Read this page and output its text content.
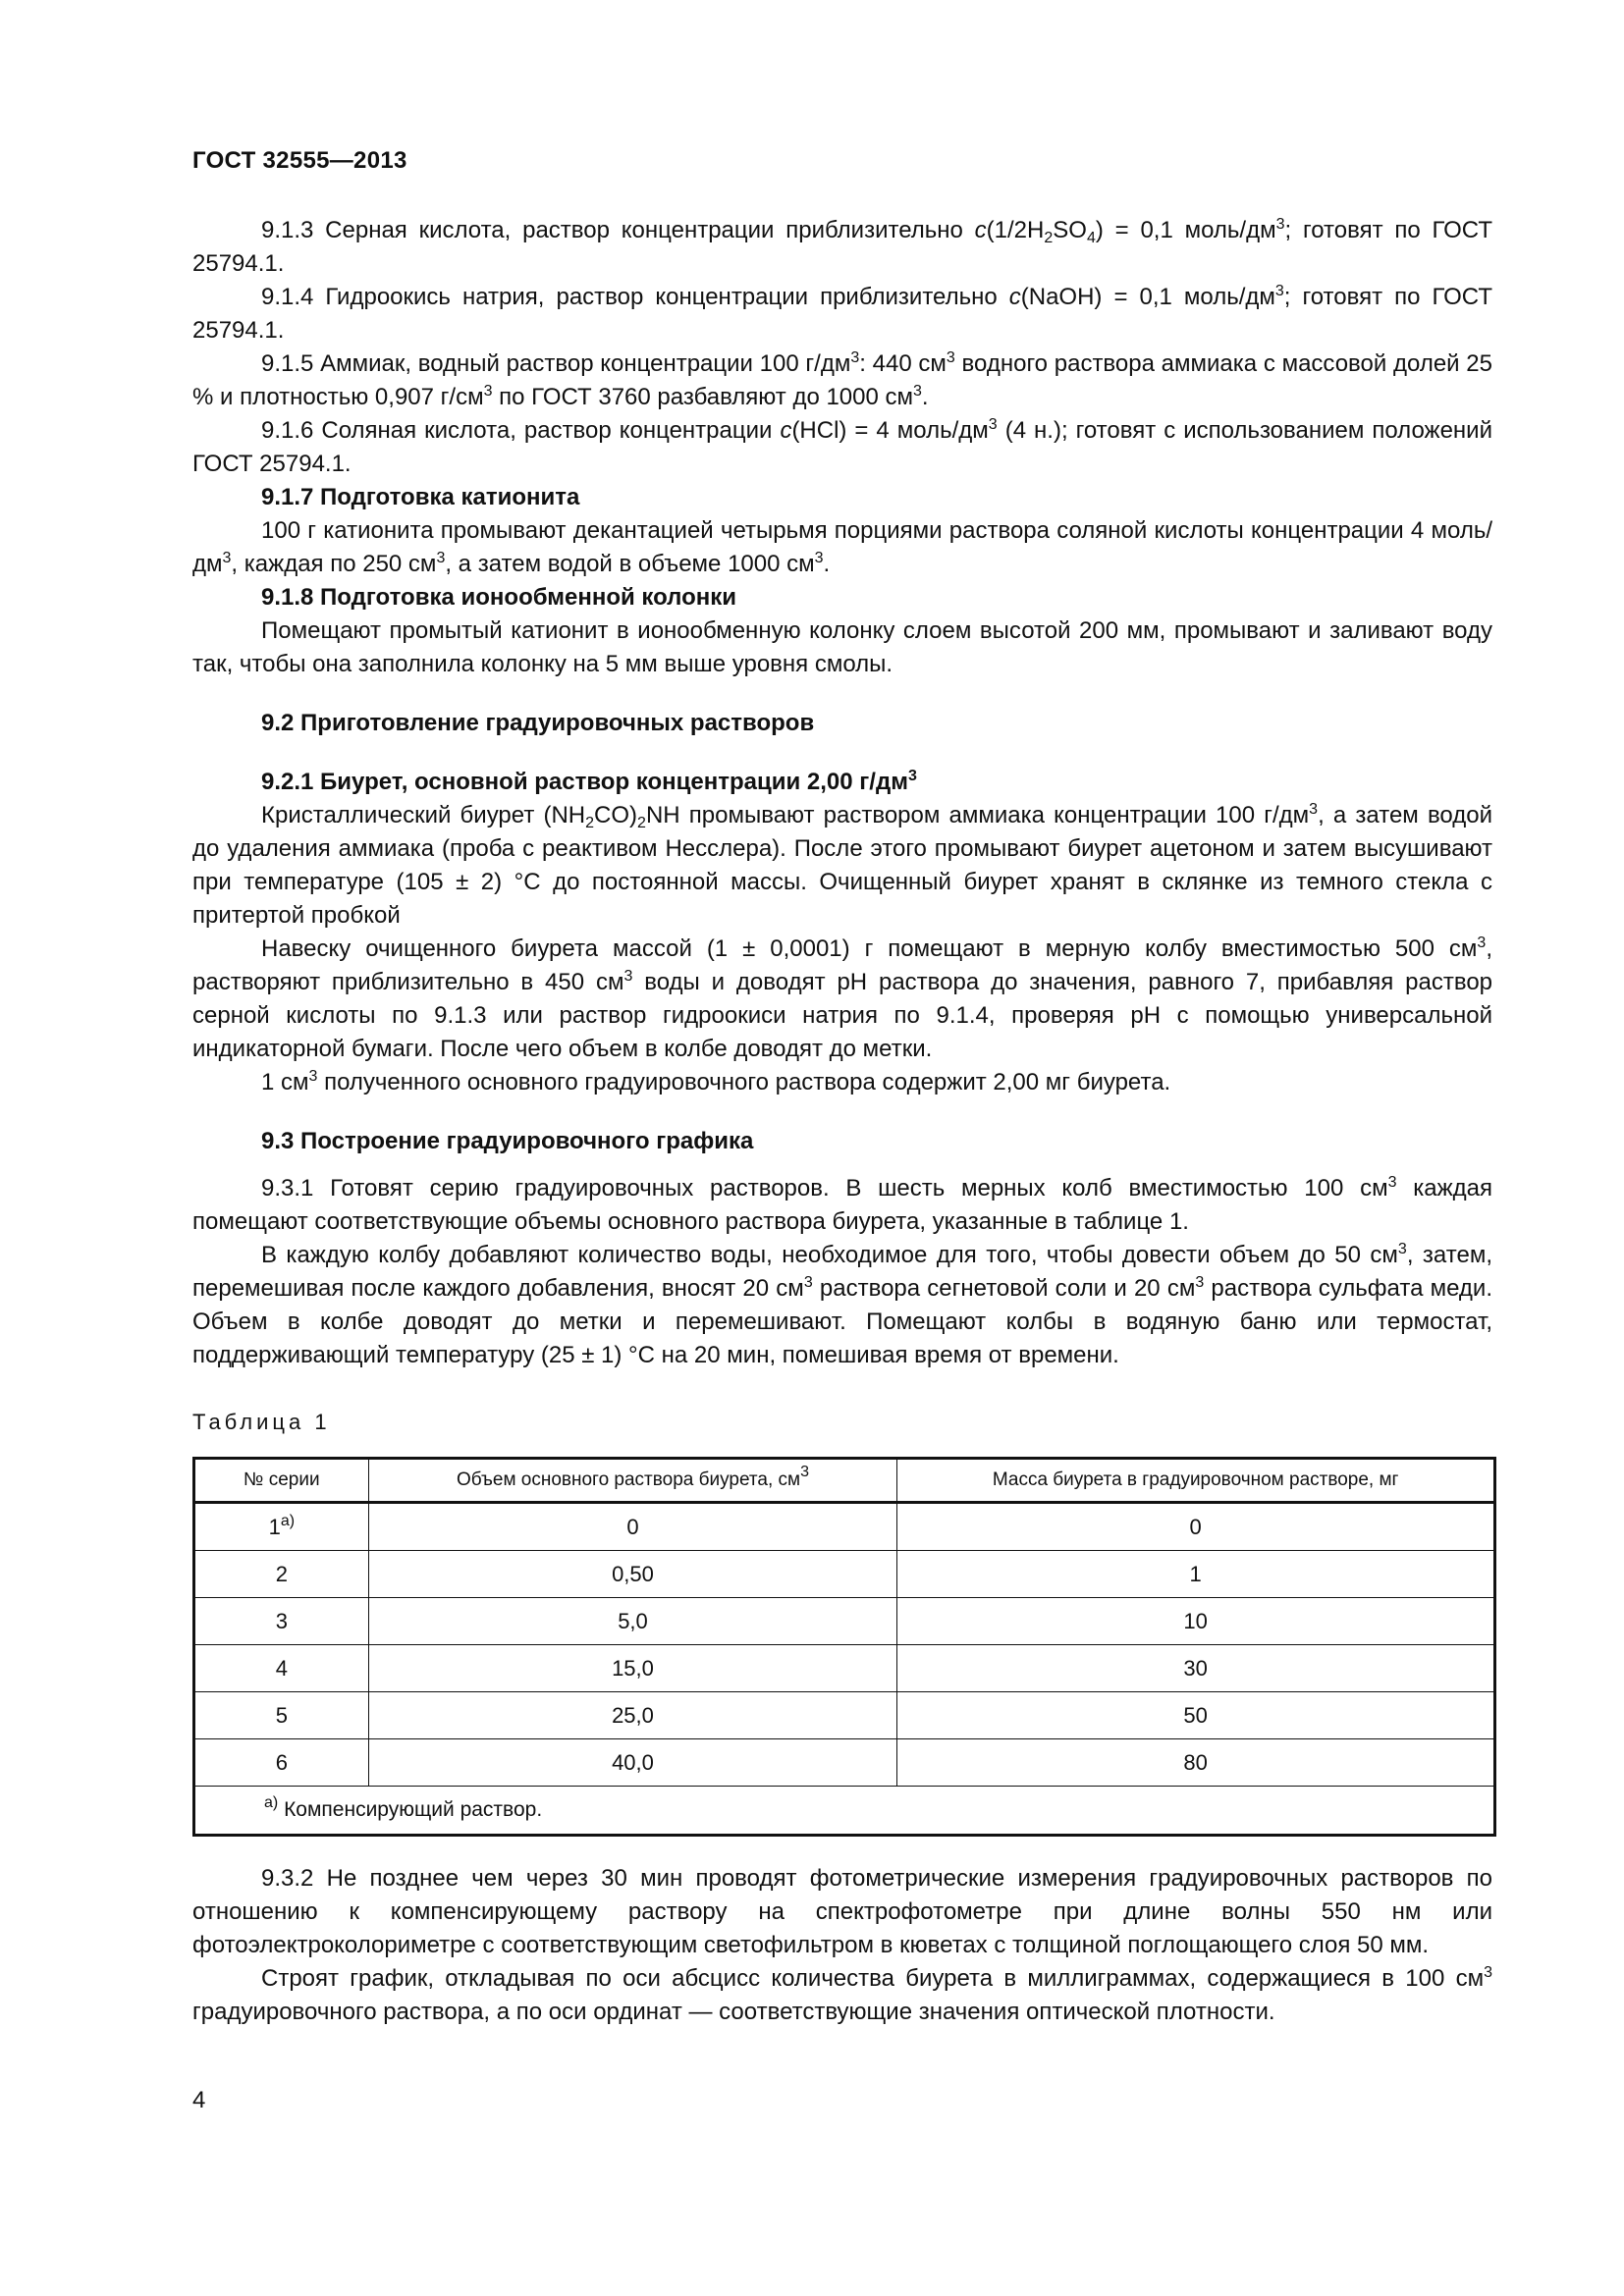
ГОСТ 32555—2013

9.1.3 Серная кислота, раствор концентрации приблизительно $c(1/2H_2SO_4) = 0,1$ моль/$дм^3$; готовят по ГОСТ 25794.1.

9.1.4 Гидроокись натрия, раствор концентрации приблизительно c(NaOH) = 0,1 моль/$дм^3$; готовят по ГОСТ 25794.1.

9.1.5 Аммиак, водный раствор концентрации 100 $г/дм^3$: 440 $см^3$ водного раствора аммиака с массовой долей 25 % и плотностью 0,907 $г/см^3$ по ГОСТ 3760 разбавляют до 1000 $см^3$.

9.1.6 Соляная кислота, раствор концентрации c(HCl) = 4 моль/$дм^3$ (4 н.); готовят с использованием положений ГОСТ 25794.1.

9.1.7 Подготовка катионита

100 г катионита промывают декантацией четырьмя порциями раствора соляной кислоты концентрации 4 моль/$дм^3$, каждая по 250 $см^3$, а затем водой в объеме 1000 $см^3$.

9.1.8 Подготовка ионообменной колонки

Помещают промытый катионит в ионообменную колонку слоем высотой 200 мм, промывают и заливают воду так, чтобы она заполнила колонку на 5 мм выше уровня смолы.

9.2 Приготовление градуировочных растворов
9.2.1 Биурет, основной раствор концентрации 2,00 $г/дм^3$

Кристаллический биурет $(NH_2CO)_2NH$ промывают раствором аммиака концентрации 100 $г/дм^3$, а затем водой до удаления аммиака (проба с реактивом Несслера). После этого промывают биурет ацетоном и затем высушивают при температуре (105 ± 2) °С до постоянной массы. Очищенный биурет хранят в склянке из темного стекла с притертой пробкой

Навеску очищенного биурета массой (1 ± 0,0001) г помещают в мерную колбу вместимостью 500 $см^3$, растворяют приблизительно в 450 $см^3$ воды и доводят pH раствора до значения, равного 7, прибавляя раствор серной кислоты по 9.1.3 или раствор гидроокиси натрия по 9.1.4, проверяя pH с помощью универсальной индикаторной бумаги. После чего объем в колбе доводят до метки.

1 $см^3$ полученного основного градуировочного раствора содержит 2,00 мг биурета.

9.3 Построение градуировочного графика

9.3.1 Готовят серию градуировочных растворов. В шесть мерных колб вместимостью 100 $см^3$ каждая помещают соответствующие объемы основного раствора биурета, указанные в таблице 1.

В каждую колбу добавляют количество воды, необходимое для того, чтобы довести объем до 50 $см^3$, затем, перемешивая после каждого добавления, вносят 20 $см^3$ раствора сегнетовой соли и 20 $см^3$ раствора сульфата меди. Объем в колбе доводят до метки и перемешивают. Помещают колбы в водяную баню или термостат, поддерживающий температуру (25 ± 1) °С на 20 мин, помешивая время от времени.

Таблица 1
№ серии	Объем основного раствора биурета, $см^3$	Масса биурета в градуировочном растворе, мг
$1^{а)}$	0	0
2	0,50	1
3	5,0	10
4	15,0	30
5	25,0	50
6	40,0	80
$^{а)}$ Компенсирующий раствор.		

9.3.2 Не позднее чем через 30 мин проводят фотометрические измерения градуировочных растворов по отношению к компенсирующему раствору на спектрофотометре при длине волны 550 нм или фотоэлектроколориметре с соответствующим светофильтром в кюветах с толщиной поглощающего слоя 50 мм.

Строят график, откладывая по оси абсцисс количества биурета в миллиграммах, содержащиеся в 100 $см^3$ градуировочного раствора, а по оси ординат — соответствующие значения оптической плотности.

4
